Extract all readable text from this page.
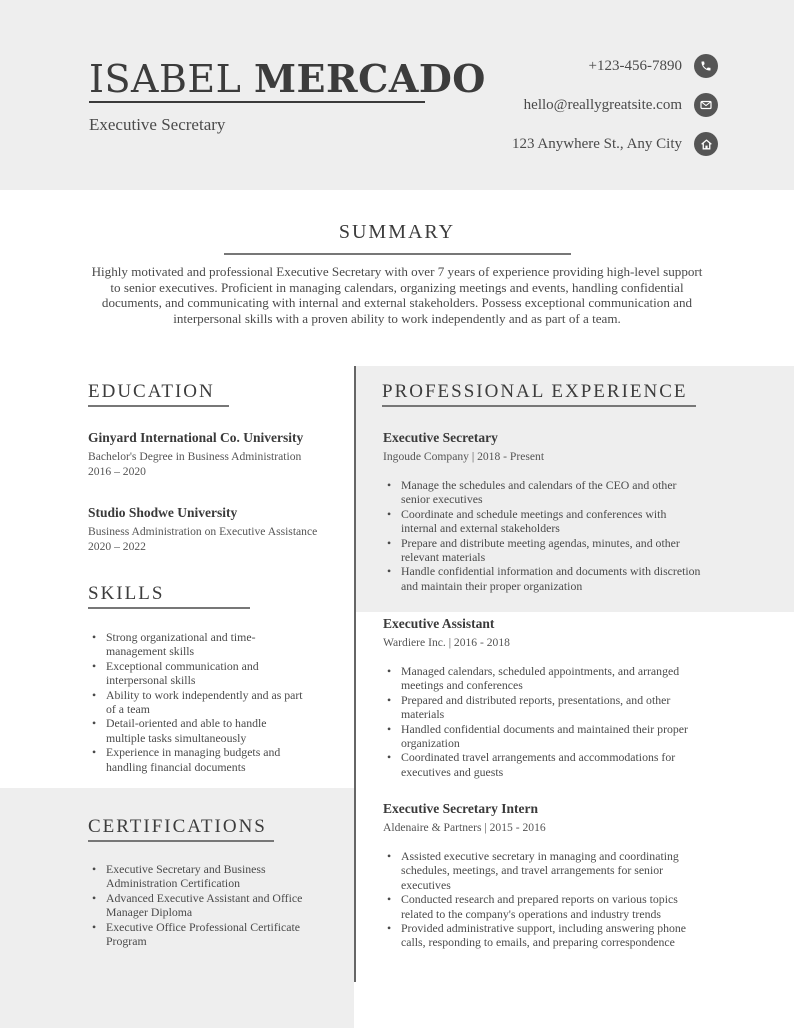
ISABEL MERCADO
Executive Secretary
+123-456-7890
hello@reallygreatsite.com
123 Anywhere St., Any City
SUMMARY
Highly motivated and professional Executive Secretary with over 7 years of experience providing high-level support to senior executives. Proficient in managing calendars, organizing meetings and events, handling confidential documents, and communicating with internal and external stakeholders. Possess exceptional communication and interpersonal skills with a proven ability to work independently and as part of a team.
EDUCATION
Ginyard International Co. University
Bachelor's Degree in Business Administration
2016 – 2020
Studio Shodwe University
Business Administration on Executive Assistance
2020 – 2022
SKILLS
• Strong organizational and time-
management skills
• Exceptional communication and
interpersonal skills
• Ability to work independently and as part
of a team
• Detail-oriented and able to handle
multiple tasks simultaneously
• Experience in managing budgets and
handling financial documents
CERTIFICATIONS
• Executive Secretary and Business
Administration Certification
• Advanced Executive Assistant and Office
Manager Diploma
• Executive Office Professional Certificate
Program
PROFESSIONAL EXPERIENCE
Executive Secretary
Ingoude Company | 2018 - Present
• Manage the schedules and calendars of the CEO and other
senior executives
• Coordinate and schedule meetings and conferences with
internal and external stakeholders
• Prepare and distribute meeting agendas, minutes, and other
relevant materials
• Handle confidential information and documents with discretion
and maintain their proper organization
Executive Assistant
Wardiere Inc. | 2016 - 2018
• Managed calendars, scheduled appointments, and arranged
meetings and conferences
• Prepared and distributed reports, presentations, and other
materials
• Handled confidential documents and maintained their proper
organization
• Coordinated travel arrangements and accommodations for
executives and guests
Executive Secretary Intern
Aldenaire & Partners | 2015 - 2016
• Assisted executive secretary in managing and coordinating
schedules, meetings, and travel arrangements for senior
executives
• Conducted research and prepared reports on various topics
related to the company's operations and industry trends
• Provided administrative support, including answering phone
calls, responding to emails, and preparing correspondence
